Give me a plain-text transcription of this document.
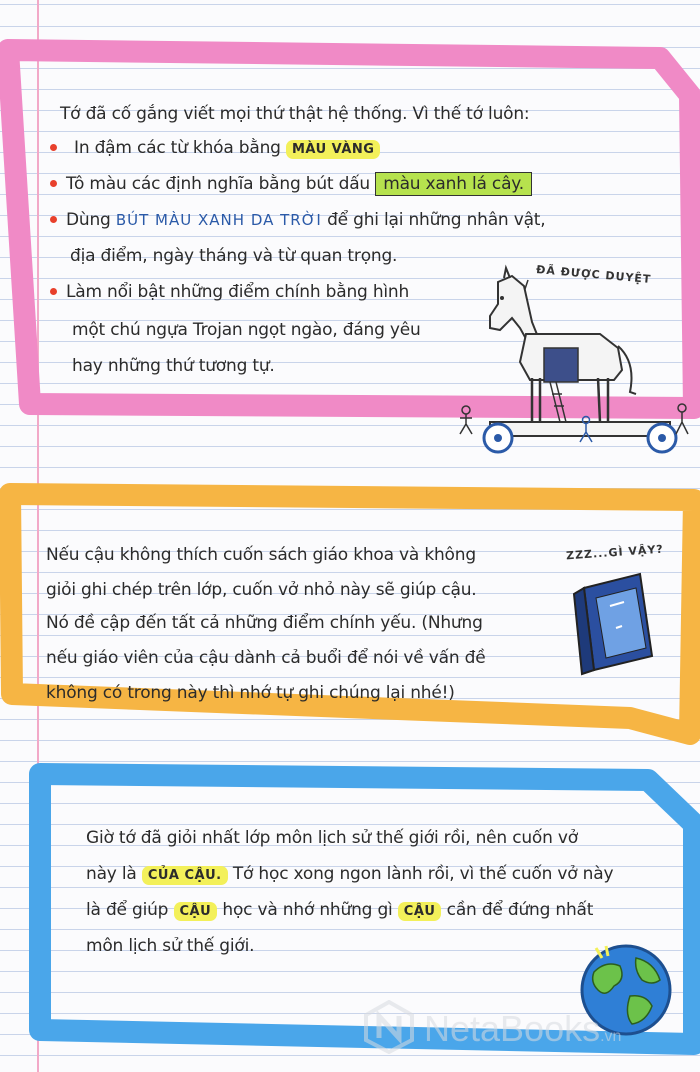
Tớ đã cố gắng viết mọi thứ thật hệ thống. Vì thế tớ luôn:
In đậm các từ khóa bằng MÀU VÀNG
Tô màu các định nghĩa bằng bút dấu màu xanh lá cây.
Dùng BÚT MÀU XANH DA TRỜI để ghi lại những nhân vật,
địa điểm, ngày tháng và từ quan trọng.
Làm nổi bật những điểm chính bằng hình
một chú ngựa Trojan ngọt ngào, đáng yêu
hay những thứ tương tự.
ĐÃ ĐƯỢC DUYỆT
Nếu cậu không thích cuốn sách giáo khoa và không
giỏi ghi chép trên lớp, cuốn vở nhỏ này sẽ giúp cậu.
Nó đề cập đến tất cả những điểm chính yếu. (Nhưng
nếu giáo viên của cậu dành cả buổi để nói về vấn đề
không có trong này thì nhớ tự ghi chúng lại nhé!)
ZZZ...GÌ VẬY?
Giờ tớ đã giỏi nhất lớp môn lịch sử thế giới rồi, nên cuốn vở
này là CỦA CẬU. Tớ học xong ngon lành rồi, vì thế cuốn vở này
là để giúp CẬU học và nhớ những gì CẬU cần để đứng nhất
môn lịch sử thế giới.
NetaBooks.vn
